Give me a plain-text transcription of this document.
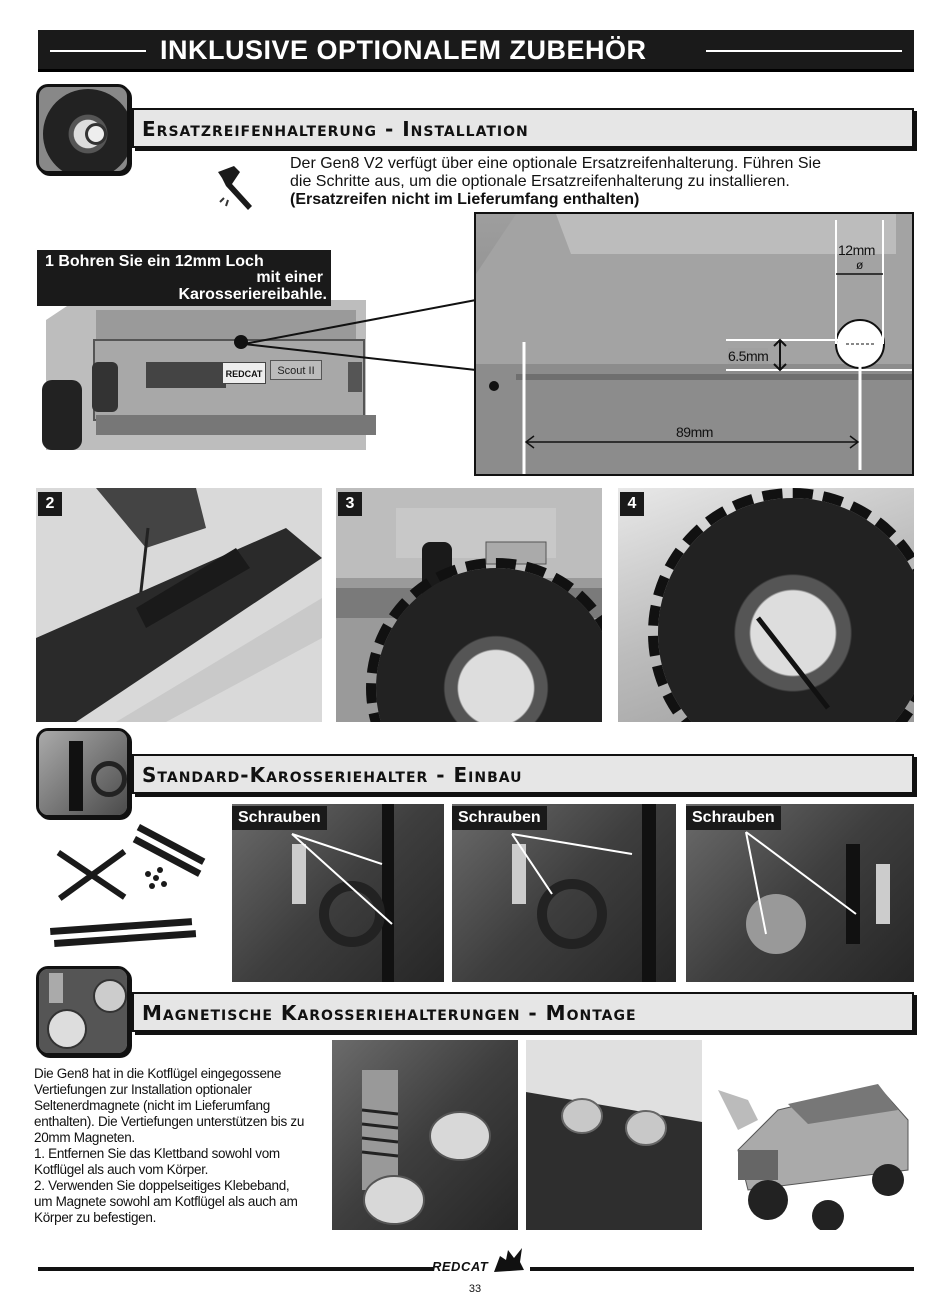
INKLUSIVE OPTIONALEM ZUBEHÖR
Ersatzreifenhalterung - Installation
Der Gen8 V2 verfügt über eine optionale Ersatzreifenhalterung. Führen Sie
die Schritte aus, um die optionale Ersatzreifenhalterung zu installieren.
(Ersatzreifen nicht im Lieferumfang enthalten)
REDCAT	Scout II
1 Bohren Sie ein 12mm Loch
mit einer
Karosseriereibahle.
12mm
ø
6.5mm
89mm
2	3	4
Standard-Karosseriehalter - Einbau
Schrauben	Schrauben	Schrauben
Magnetische Karosseriehalterungen - Montage
Die Gen8 hat in die Kotflügel eingegossene
Vertiefungen zur Installation optionaler
Seltenerdmagnete (nicht im Lieferumfang
enthalten). Die Vertiefungen unterstützen bis zu
20mm Magneten.
1. Entfernen Sie das Klettband sowohl vom
Kotflügel als auch vom Körper.
2. Verwenden Sie doppelseitiges Klebeband,
um Magnete sowohl am Kotflügel als auch am
Körper zu befestigen.
REDCAT
33
